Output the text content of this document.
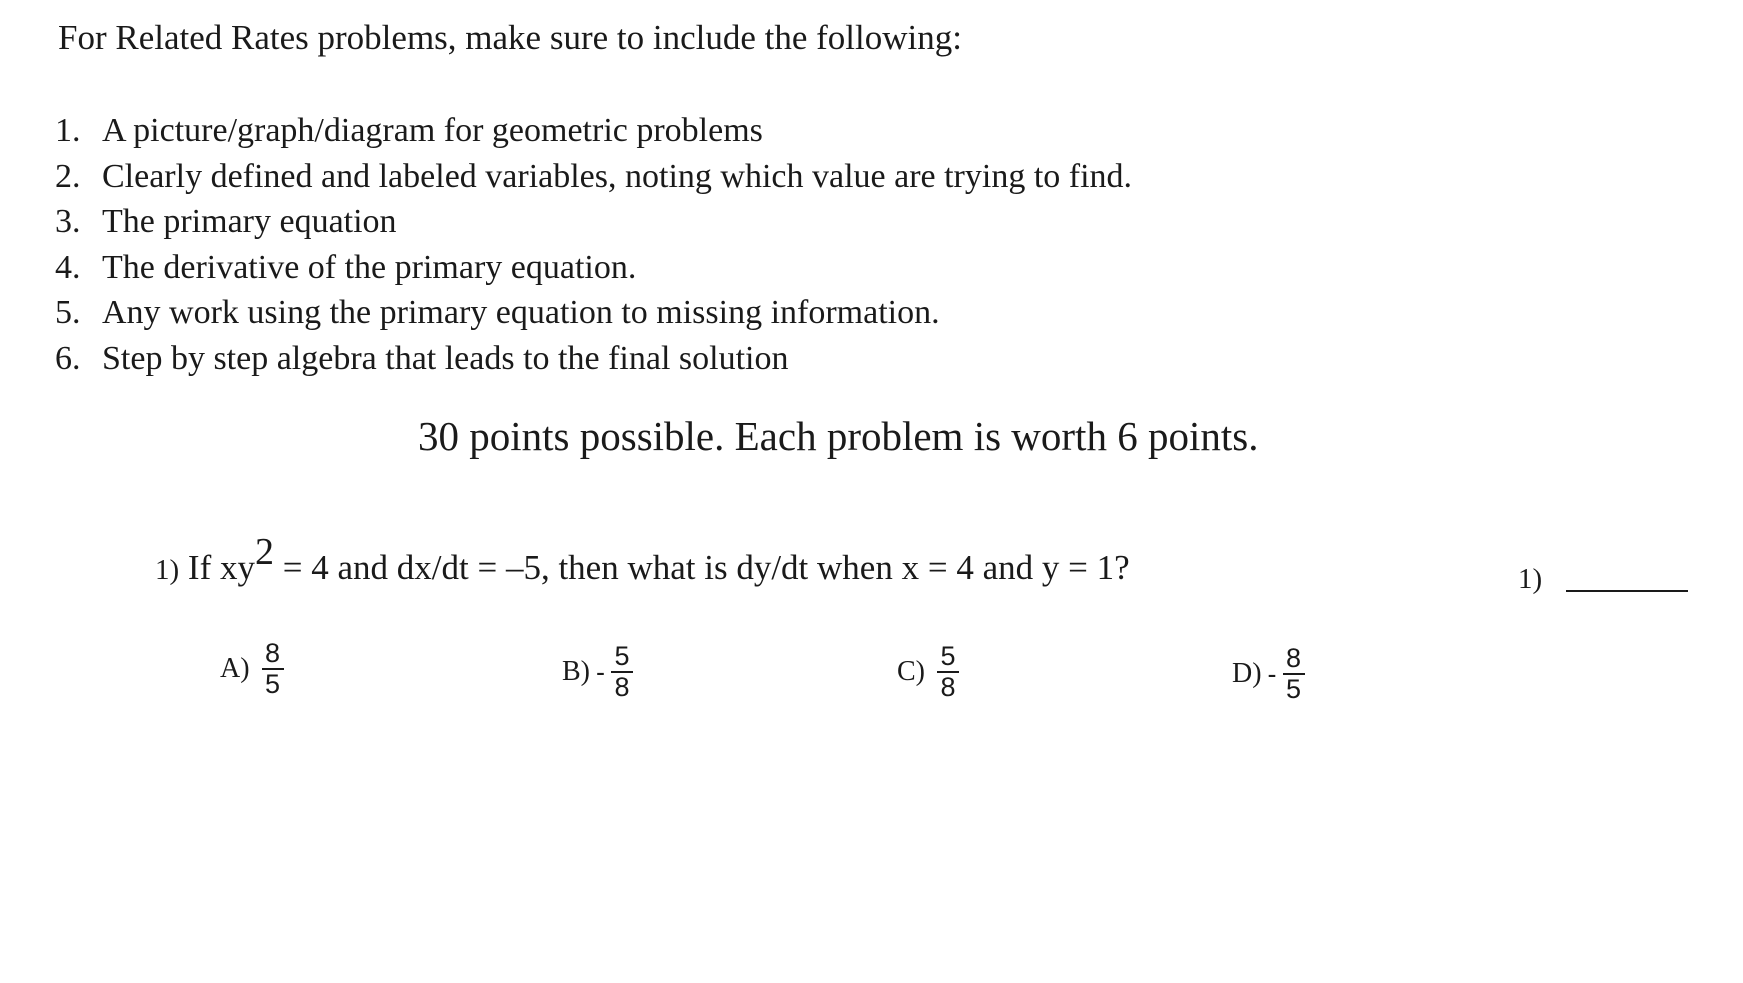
For Related Rates problems, make sure to include the following:
1. A picture/graph/diagram for geometric problems
2. Clearly defined and labeled variables, noting which value are trying to find.
3. The primary equation
4. The derivative of the primary equation.
5. Any work using the primary equation to missing information.
6. Step by step algebra that leads to the final solution
30 points possible. Each problem is worth 6 points.
1) If $xy^2 = 4$ and dx/dt = –5, then what is dy/dt when x = 4 and y = 1?	1)
$A) \frac{8}{5}$	$B) - \frac{5}{8}$	$C) \frac{5}{8}$	$D) - \frac{8}{5}$
